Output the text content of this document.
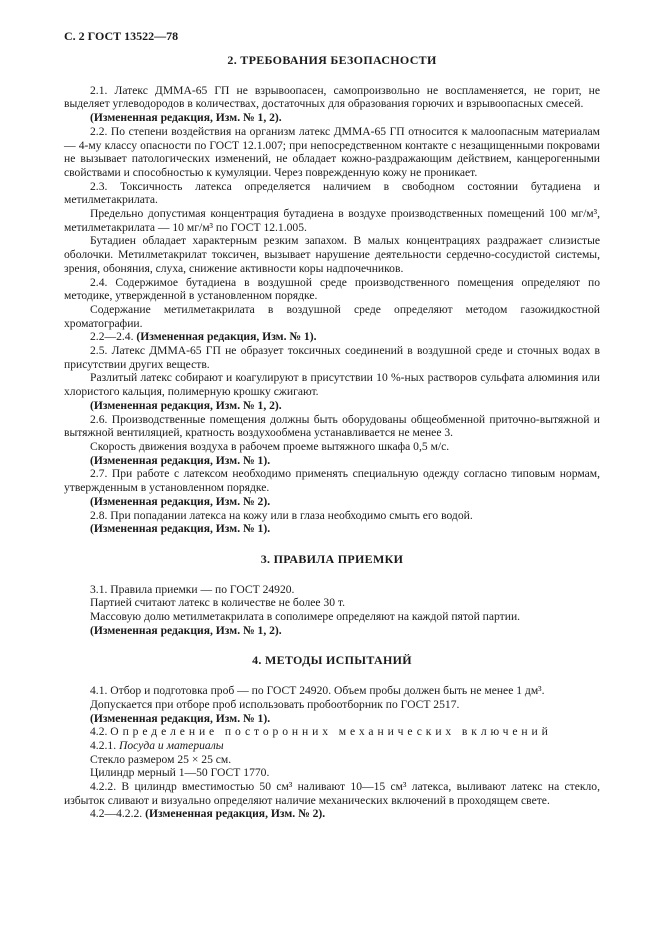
С. 2 ГОСТ 13522—78
2. ТРЕБОВАНИЯ БЕЗОПАСНОСТИ

2.1. Латекс ДММА-65 ГП не взрывоопасен, самопроизвольно не воспламеняется, не горит, не выделяет углеводородов в количествах, достаточных для образования горючих и взрывоопасных смесей.

(Измененная редакция, Изм. № 1, 2).

2.2. По степени воздействия на организм латекс ДММА-65 ГП относится к малоопасным материалам — 4-му классу опасности по ГОСТ 12.1.007; при непосредственном контакте с незащищенными покровами не вызывает патологических изменений, не обладает кожно-раздражающим действием, канцерогенными свойствами и способностью к кумуляции. Через поврежденную кожу не проникает.

2.3. Токсичность латекса определяется наличием в свободном состоянии бутадиена и метилметакрилата.

Предельно допустимая концентрация бутадиена в воздухе производственных помещений 100 мг/м³, метилметакрилата — 10 мг/м³ по ГОСТ 12.1.005.

Бутадиен обладает характерным резким запахом. В малых концентрациях раздражает слизистые оболочки. Метилметакрилат токсичен, вызывает нарушение деятельности сердечно-сосудистой системы, зрения, обоняния, слуха, снижение активности коры надпочечников.

2.4. Содержимое бутадиена в воздушной среде производственного помещения определяют по методике, утвержденной в установленном порядке.

Содержание метилметакрилата в воздушной среде определяют методом газожидкостной хроматографии.

2.2—2.4. (Измененная редакция, Изм. № 1).

2.5. Латекс ДММА-65 ГП не образует токсичных соединений в воздушной среде и сточных водах в присутствии других веществ.

Разлитый латекс собирают и коагулируют в присутствии 10 %-ных растворов сульфата алюминия или хлористого кальция, полимерную крошку сжигают.

(Измененная редакция, Изм. № 1, 2).

2.6. Производственные помещения должны быть оборудованы общеобменной приточно-вытяжной и вытяжной вентиляцией, кратность воздухообмена устанавливается не менее 3.

Скорость движения воздуха в рабочем проеме вытяжного шкафа 0,5 м/с.

(Измененная редакция, Изм. № 1).

2.7. При работе с латексом необходимо применять специальную одежду согласно типовым нормам, утвержденным в установленном порядке.

(Измененная редакция, Изм. № 2).

2.8. При попадании латекса на кожу или в глаза необходимо смыть его водой.

(Измененная редакция, Изм. № 1).

3. ПРАВИЛА ПРИЕМКИ

3.1. Правила приемки — по ГОСТ 24920.

Партией считают латекс в количестве не более 30 т.

Массовую долю метилметакрилата в сополимере определяют на каждой пятой партии.

(Измененная редакция, Изм. № 1, 2).

4. МЕТОДЫ ИСПЫТАНИЙ

4.1. Отбор и подготовка проб — по ГОСТ 24920. Объем пробы должен быть не менее 1 дм³.

Допускается при отборе проб использовать пробоотборник по ГОСТ 2517.

(Измененная редакция, Изм. № 1).

4.2. Определение посторонних механических включений

4.2.1. Посуда и материалы

Стекло размером 25 × 25 см.

Цилиндр мерный 1—50 ГОСТ 1770.

4.2.2. В цилиндр вместимостью 50 см³ наливают 10—15 см³ латекса, выливают латекс на стекло, избыток сливают и визуально определяют наличие механических включений в проходящем свете.

4.2—4.2.2. (Измененная редакция, Изм. № 2).
